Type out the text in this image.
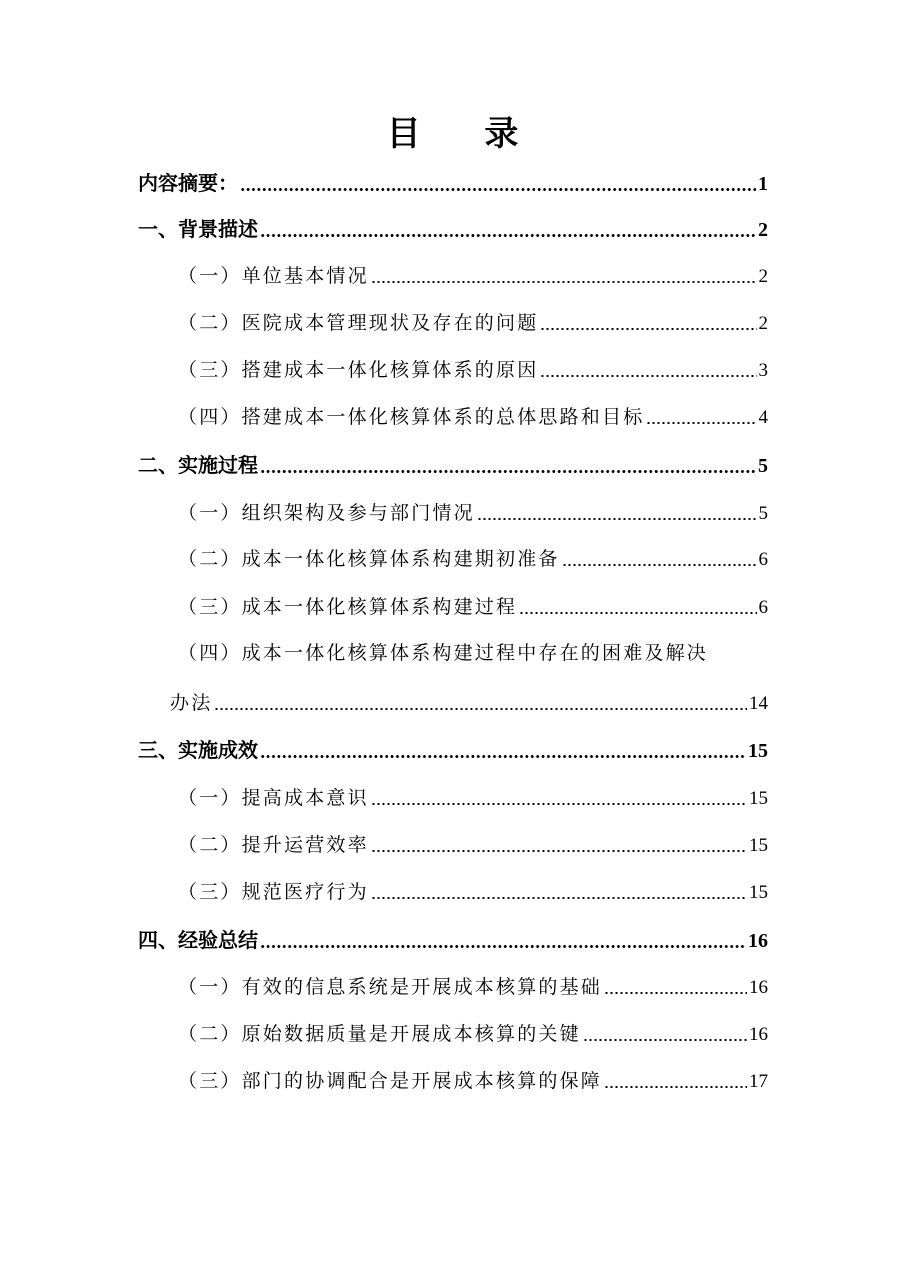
目 录
内容摘要：	1
一、背景描述	2
（一）单位基本情况	2
（二）医院成本管理现状及存在的问题	2
（三）搭建成本一体化核算体系的原因	3
（四）搭建成本一体化核算体系的总体思路和目标	4
二、实施过程	5
（一）组织架构及参与部门情况	5
（二）成本一体化核算体系构建期初准备	6
（三）成本一体化核算体系构建过程	6
（四）成本一体化核算体系构建过程中存在的困难及解决
办法	14
三、实施成效	15
（一）提高成本意识	15
（二）提升运营效率	15
（三）规范医疗行为	15
四、经验总结	16
（一）有效的信息系统是开展成本核算的基础	16
（二）原始数据质量是开展成本核算的关键	16
（三）部门的协调配合是开展成本核算的保障	17
